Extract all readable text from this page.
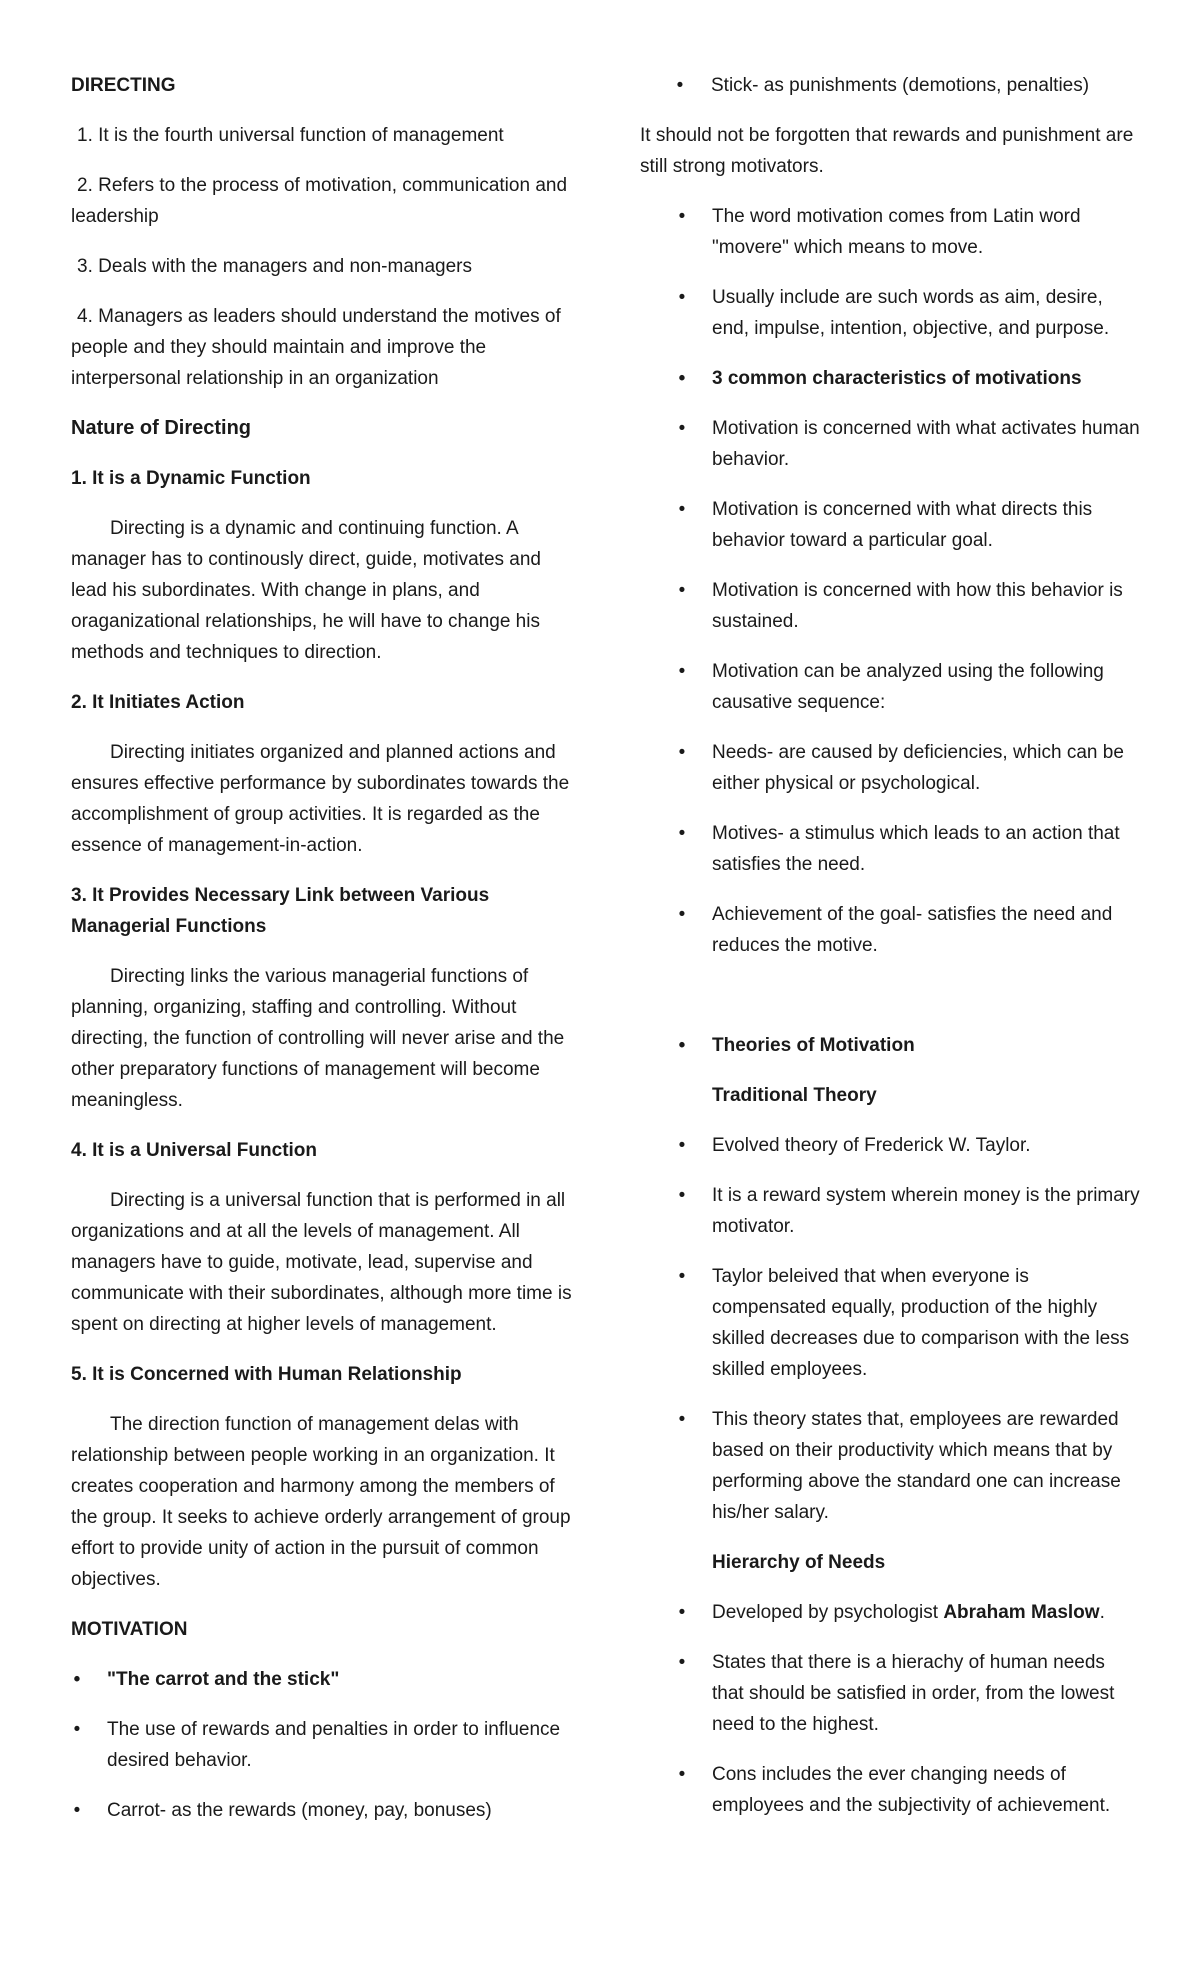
DIRECTING

1. It is the fourth universal function of management

2. Refers to the process of motivation, communication and leadership

3. Deals with the managers and non-managers

4. Managers as leaders should understand the motives of people and they should maintain and improve the interpersonal relationship in an organization

Nature of Directing

1. It is a Dynamic Function

Directing is a dynamic and continuing function. A manager has to continously direct, guide, motivates and lead his subordinates. With change in plans, and oraganizational relationships, he will have to change his methods and techniques to direction.

2. It Initiates Action

Directing initiates organized and planned actions and ensures effective performance by subordinates towards the accomplishment of group activities. It is regarded as the essence of management-in-action.

3. It Provides Necessary Link between Various Managerial Functions

Directing links the various managerial functions of planning, organizing, staffing and controlling. Without directing, the function of controlling will never arise and the other preparatory functions of management will become meaningless.

4. It is a Universal Function

Directing is a universal function that is performed in all organizations and at all the levels of management. All managers have to guide, motivate, lead, supervise and communicate with their subordinates, although more time is spent on directing at higher levels of management.

5. It is Concerned with Human Relationship

The direction function of management delas with relationship between people working in an organization. It creates cooperation and harmony among the members of the group. It seeks to achieve orderly arrangement of group effort to provide unity of action in the pursuit of common objectives.

MOTIVATION

• "The carrot and the stick"
• The use of rewards and penalties in order to influence desired behavior.
• Carrot- as the rewards (money, pay, bonuses)
• Stick- as punishments (demotions, penalties)

It should not be forgotten that rewards and punishment are still strong motivators.

• The word motivation comes from Latin word "movere" which means to move.
• Usually include are such words as aim, desire, end, impulse, intention, objective, and purpose.
• 3 common characteristics of motivations
• Motivation is concerned with what activates human behavior.
• Motivation is concerned with what directs this behavior toward a particular goal.
• Motivation is concerned with how this behavior is sustained.
• Motivation can be analyzed using the following causative sequence:
• Needs- are caused by deficiencies, which can be either physical or psychological.
• Motives- a stimulus which leads to an action that satisfies the need.
• Achievement of the goal- satisfies the need and reduces the motive.
• Theories of Motivation

Traditional Theory

• Evolved theory of Frederick W. Taylor.
• It is a reward system wherein money is the primary motivator.
• Taylor beleived that when everyone is compensated equally, production of the highly skilled decreases due to comparison with the less skilled employees.
• This theory states that, employees are rewarded based on their productivity which means that by performing above the standard one can increase his/her salary.

Hierarchy of Needs

• Developed by psychologist Abraham Maslow.
• States that there is a hierachy of human needs that should be satisfied in order, from the lowest need to the highest.
• Cons includes the ever changing needs of employees and the subjectivity of achievement.
